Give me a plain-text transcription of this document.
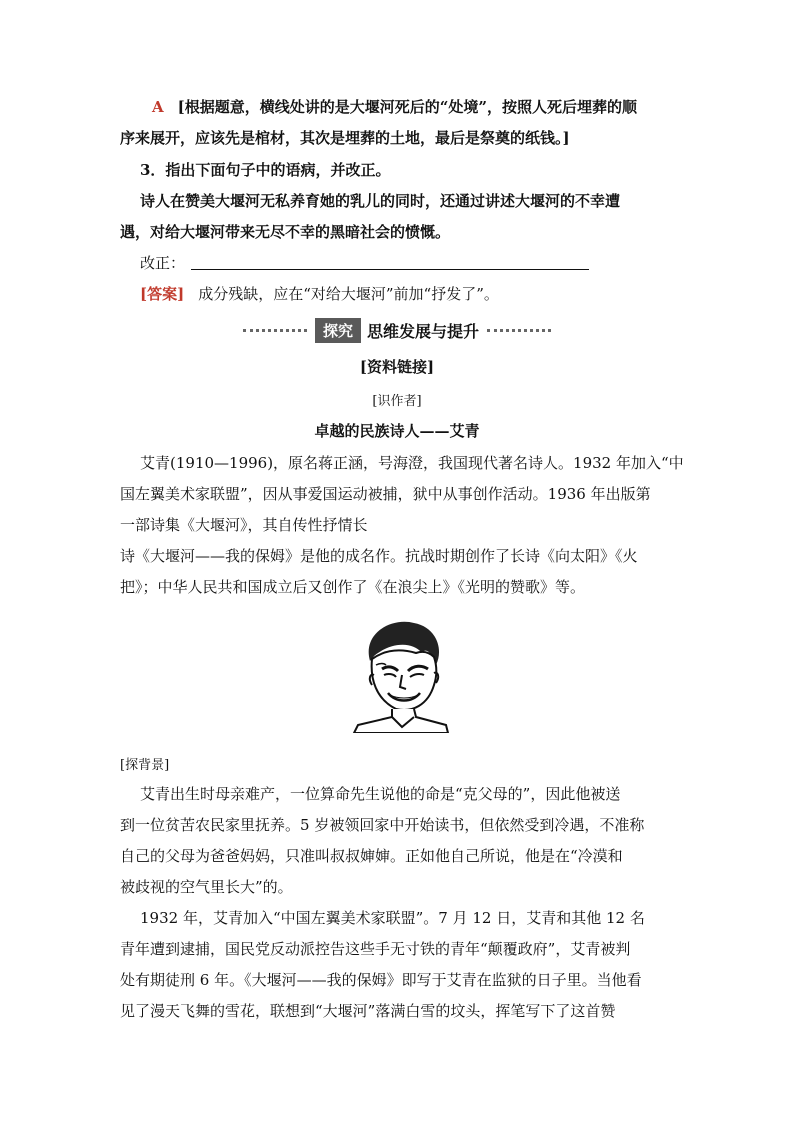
A [根据题意，横线处讲的是大堰河死后的“处境”，按照人死后埋葬的顺
序来展开，应该先是棺材，其次是埋葬的土地，最后是祭奠的纸钱。]
3．指出下面句子中的语病，并改正。
诗人在赞美大堰河无私养育她的乳儿的同时，还通过讲述大堰河的不幸遭
遇，对给大堰河带来无尽不幸的黑暗社会的愤慨。
改正：
[答案] 成分残缺，应在“对给大堰河”前加“抒发了”。
探究 思维发展与提升
[资料链接]
[识作者]
卓越的民族诗人——艾青
艾青(1910—1996)，原名蒋正涵，号海澄，我国现代著名诗人。1932 年加入“中
国左翼美术家联盟”，因从事爱国运动被捕，狱中从事创作活动。1936 年出版第
一部诗集《大堰河》，其自传性抒情长
诗《大堰河——我的保姆》是他的成名作。抗战时期创作了长诗《向太阳》《火
把》；中华人民共和国成立后又创作了《在浪尖上》《光明的赞歌》等。
[探背景]
艾青出生时母亲难产，一位算命先生说他的命是“克父母的”，因此他被送
到一位贫苦农民家里抚养。5 岁被领回家中开始读书，但依然受到冷遇，不准称
自己的父母为爸爸妈妈，只准叫叔叔婶婶。正如他自己所说，他是在“冷漠和
被歧视的空气里长大”的。
1932 年，艾青加入“中国左翼美术家联盟”。7 月 12 日，艾青和其他 12 名
青年遭到逮捕，国民党反动派控告这些手无寸铁的青年“颠覆政府”，艾青被判
处有期徒刑 6 年。《大堰河——我的保姆》即写于艾青在监狱的日子里。当他看
见了漫天飞舞的雪花，联想到“大堰河”落满白雪的坟头，挥笔写下了这首赞
